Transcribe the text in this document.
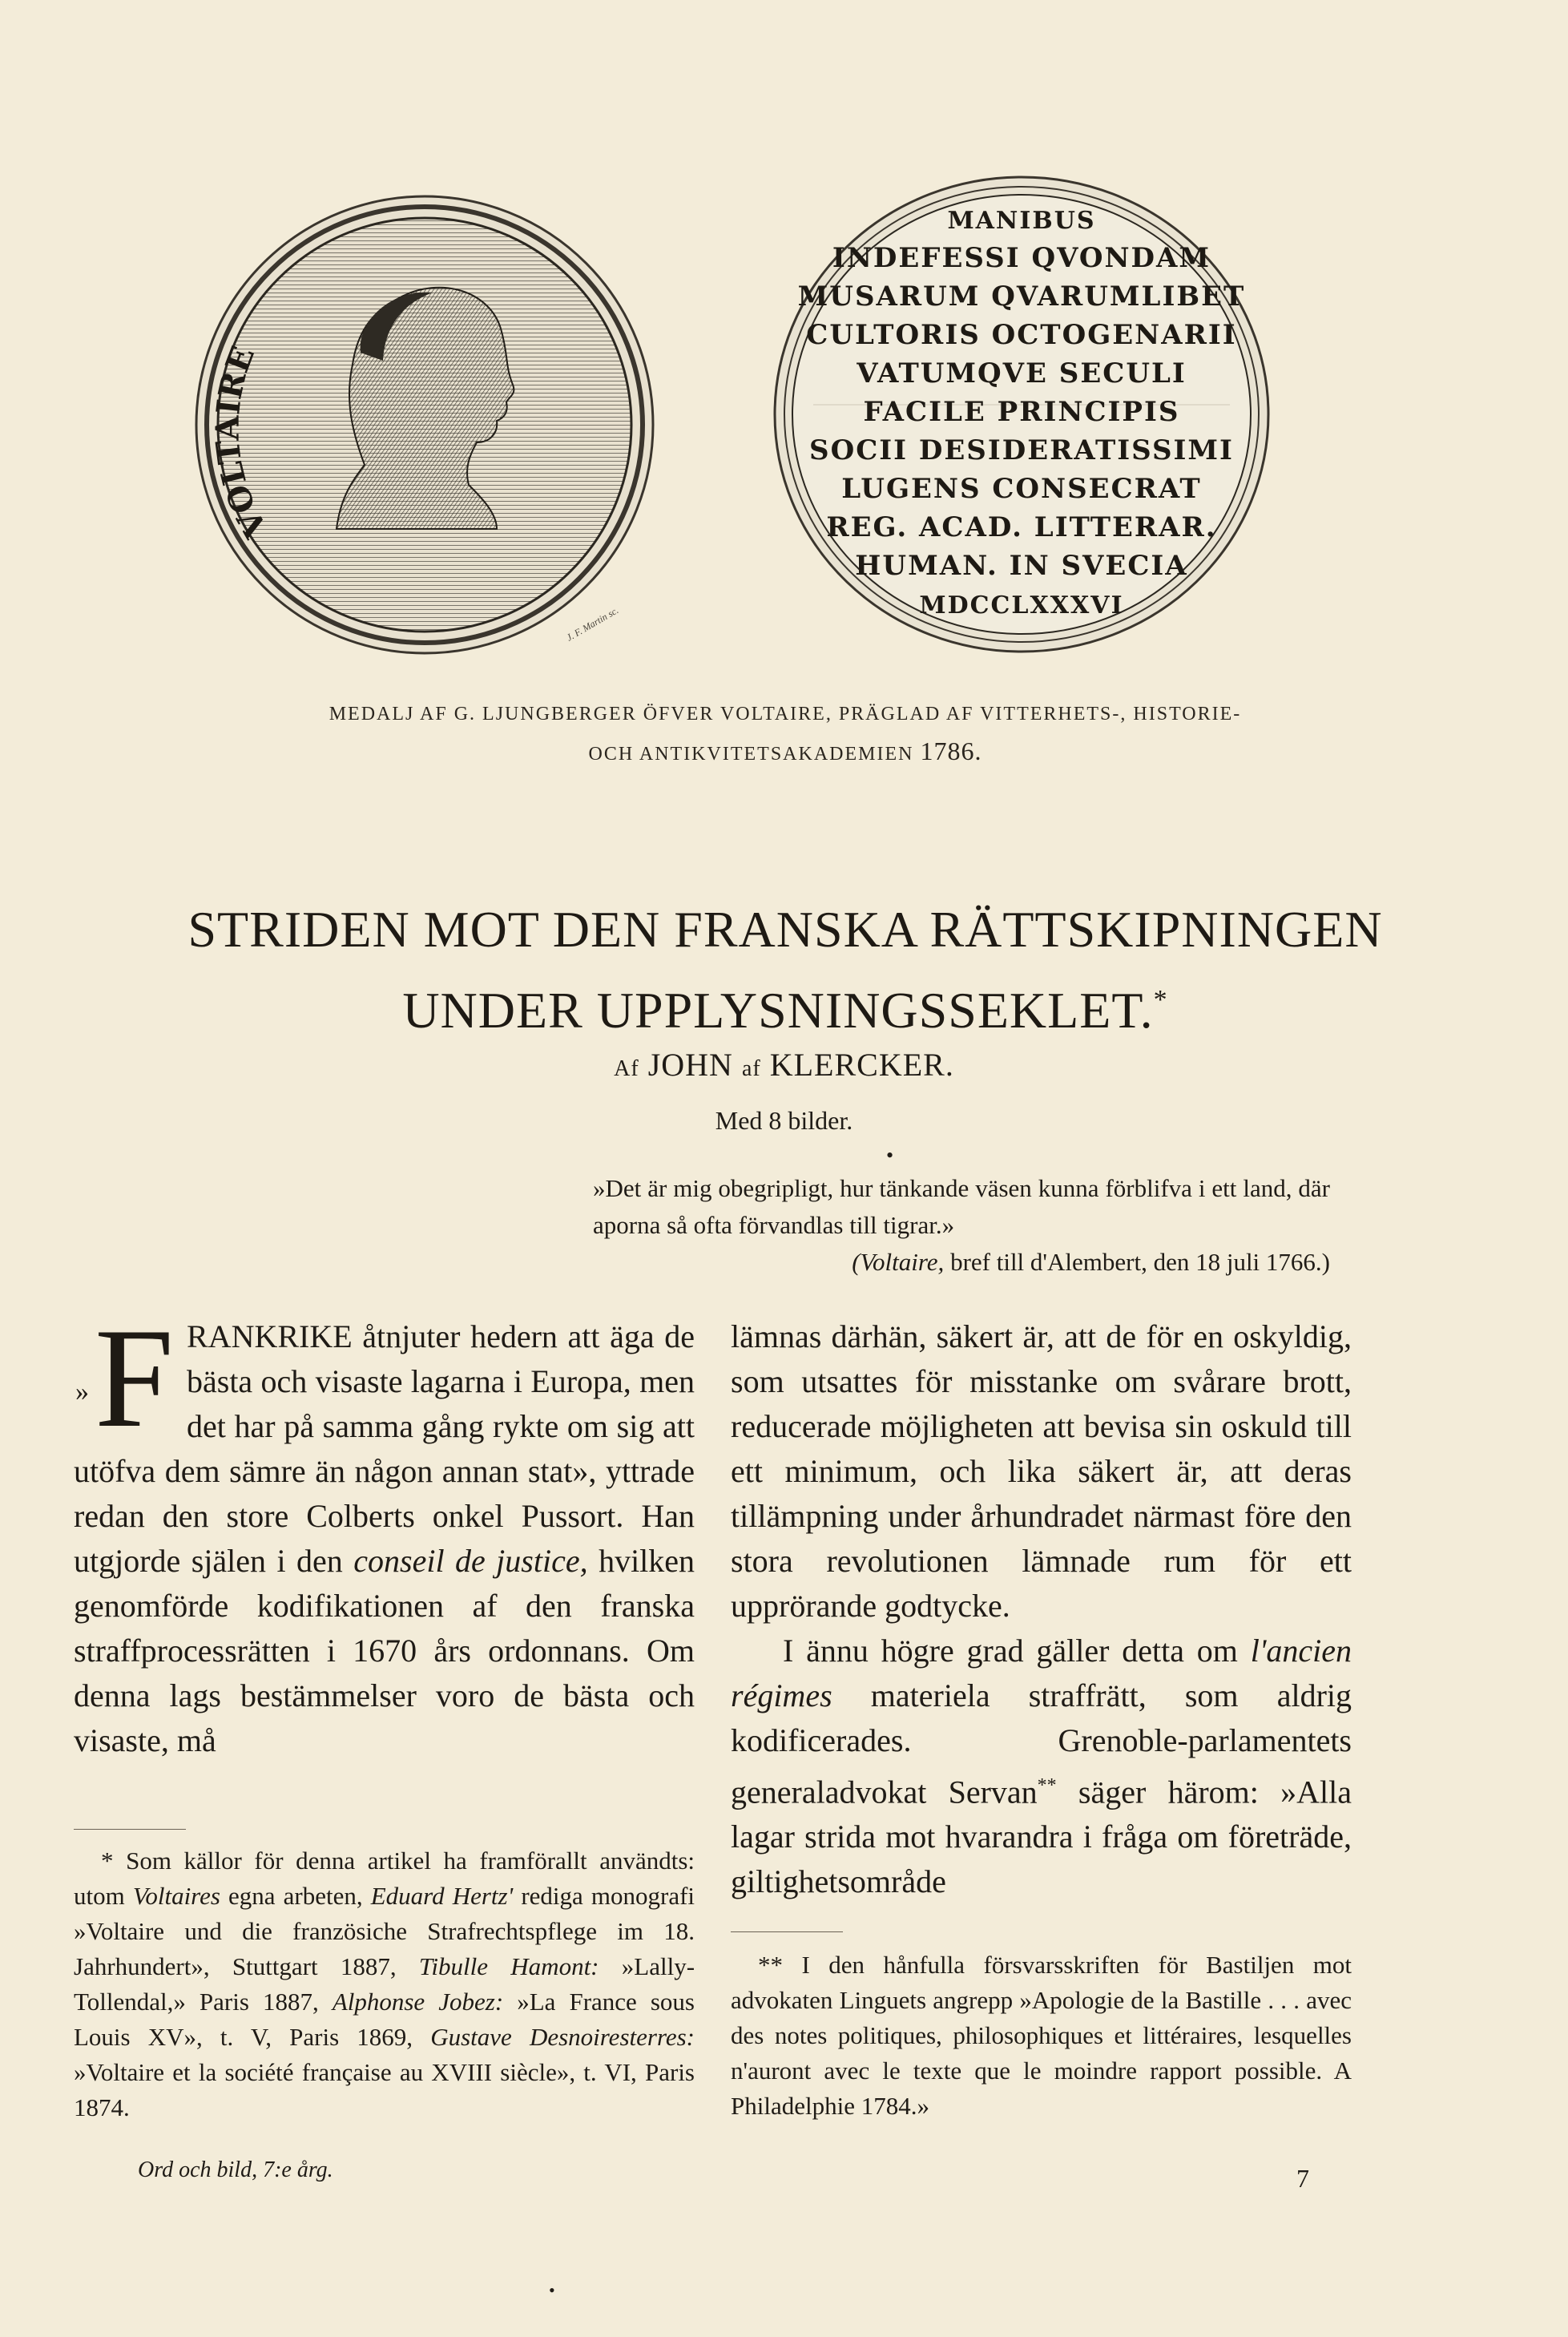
VOLTAIRE
J. F. Martin sc.
MANIBUS
INDEFESSI QVONDAM
MUSARUM QVARUMLIBET
CULTORIS OCTOGENARII
VATUMQVE SECULI
FACILE PRINCIPIS
SOCII DESIDERATISSIMI
LUGENS CONSECRAT
REG. ACAD. LITTERAR.
HUMAN. IN SVECIA
MDCCLXXXVI
MEDALJ AF G. LJUNGBERGER ÖFVER VOLTAIRE, PRÄGLAD AF VITTERHETS-, HISTORIE-
OCH ANTIKVITETSAKADEMIEN 1786.
STRIDEN MOT DEN FRANSKA RÄTTSKIPNINGEN
UNDER UPPLYSNINGSSEKLET.*
Af JOHN af KLERCKER.
Med 8 bilder.
•
»Det är mig obegripligt, hur tänkande väsen kunna förblifva i ett land, där aporna så ofta förvandlas till tigrar.»
(Voltaire, bref till d'Alembert, den 18 juli 1766.)
» FRANKRIKE åtnjuter hedern att äga de bästa och visaste lagarna i Europa, men det har på samma gång rykte om sig att utöfva dem sämre än någon annan stat», yttrade redan den store Colberts onkel Pussort. Han utgjorde själen i den conseil de justice, hvilken genomförde kodifikationen af den franska straffprocessrätten i 1670 års ordonnans. Om denna lags bestämmelser voro de bästa och visaste, må

lämnas därhän, säkert är, att de för en oskyldig, som utsattes för misstanke om svårare brott, reducerade möjligheten att bevisa sin oskuld till ett minimum, och lika säkert är, att deras tillämpning under århundradet närmast före den stora revolutionen lämnade rum för ett upprörande godtycke.

I ännu högre grad gäller detta om l'ancien régimes materiela straffrätt, som aldrig kodificerades. Grenoble-parlamentets generaladvokat Servan** säger härom: »Alla lagar strida mot hvarandra i fråga om företräde, giltighetsområde

* Som källor för denna artikel ha framförallt användts: utom Voltaires egna arbeten, Eduard Hertz' rediga monografi »Voltaire und die französiche Strafrechtspflege im 18. Jahrhundert», Stuttgart 1887, Tibulle Hamont: »Lally-Tollendal,» Paris 1887, Alphonse Jobez: »La France sous Louis XV», t. V, Paris 1869, Gustave Desnoiresterres: »Voltaire et la société française au XVIII siècle», t. VI, Paris 1874.

** I den hånfulla försvarsskriften för Bastiljen mot advokaten Linguets angrepp »Apologie de la Bastille . . . avec des notes politiques, philosophiques et littéraires, lesquelles n'auront avec le texte que le moindre rapport possible. A Philadelphie 1784.»

Ord och bild, 7:e årg.	7
•
